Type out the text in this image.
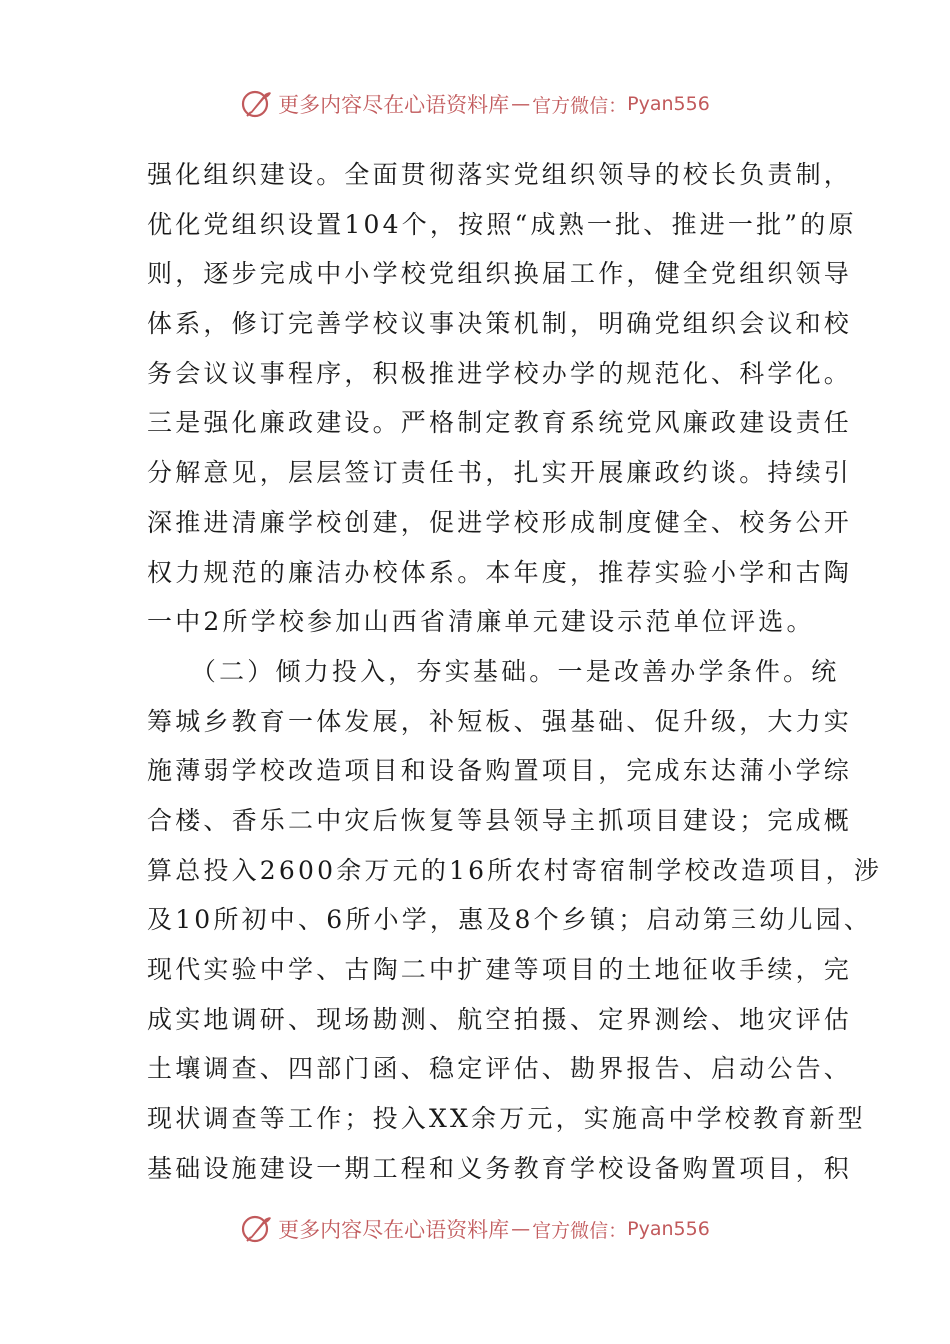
更多内容尽在心语资料库 — 官方微信： Pyan556
强化组织建设。全面贯彻落实党组织领导的校长负责制，
优化党组织设置104个，按照“成熟一批、推进一批”的原
则，逐步完成中小学校党组织换届工作，健全党组织领导
体系，修订完善学校议事决策机制，明确党组织会议和校
务会议议事程序，积极推进学校办学的规范化、科学化。
三是强化廉政建设。严格制定教育系统党风廉政建设责任
分解意见，层层签订责任书，扎实开展廉政约谈。持续引
深推进清廉学校创建，促进学校形成制度健全、校务公开
权力规范的廉洁办校体系。本年度，推荐实验小学和古陶
一中2所学校参加山西省清廉单元建设示范单位评选。
　　（二）倾力投入，夯实基础。一是改善办学条件。统
筹城乡教育一体发展，补短板、强基础、促升级，大力实
施薄弱学校改造项目和设备购置项目，完成东达蒲小学综
合楼、香乐二中灾后恢复等县领导主抓项目建设；完成概
算总投入2600余万元的16所农村寄宿制学校改造项目，涉
及10所初中、6所小学，惠及8个乡镇；启动第三幼儿园、
现代实验中学、古陶二中扩建等项目的土地征收手续，完
成实地调研、现场勘测、航空拍摄、定界测绘、地灾评估
土壤调查、四部门函、稳定评估、勘界报告、启动公告、
现状调查等工作；投入XX余万元，实施高中学校教育新型
基础设施建设一期工程和义务教育学校设备购置项目，积
更多内容尽在心语资料库 — 官方微信： Pyan556
